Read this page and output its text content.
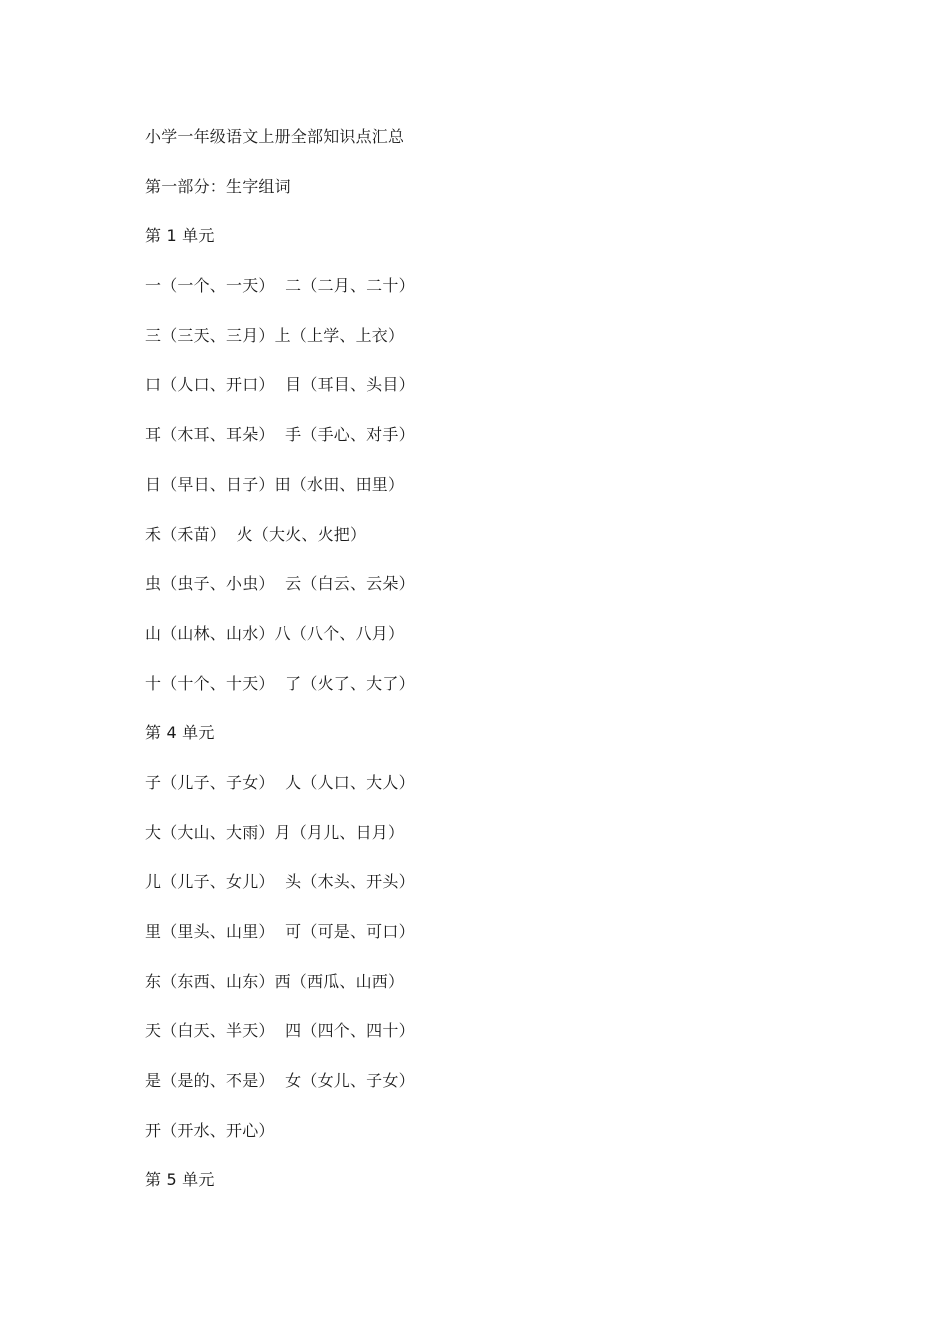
小学一年级语文上册全部知识点汇总
第一部分：生字组词
第 1 单元
一（一个、一天）  二（二月、二十）
三（三天、三月）上（上学、上衣）
口（人口、开口）  目（耳目、头目）
耳（木耳、耳朵）  手（手心、对手）
日（早日、日子）田（水田、田里）
禾（禾苗）  火（大火、火把）
虫（虫子、小虫）  云（白云、云朵）
山（山林、山水）八（八个、八月）
十（十个、十天）  了（火了、大了）
第 4 单元
子（儿子、子女）  人（人口、大人）
大（大山、大雨）月（月儿、日月）
儿（儿子、女儿）  头（木头、开头）
里（里头、山里）  可（可是、可口）
东（东西、山东）西（西瓜、山西）
天（白天、半天）  四（四个、四十）
是（是的、不是）  女（女儿、子女）
开（开水、开心）
第 5 单元
